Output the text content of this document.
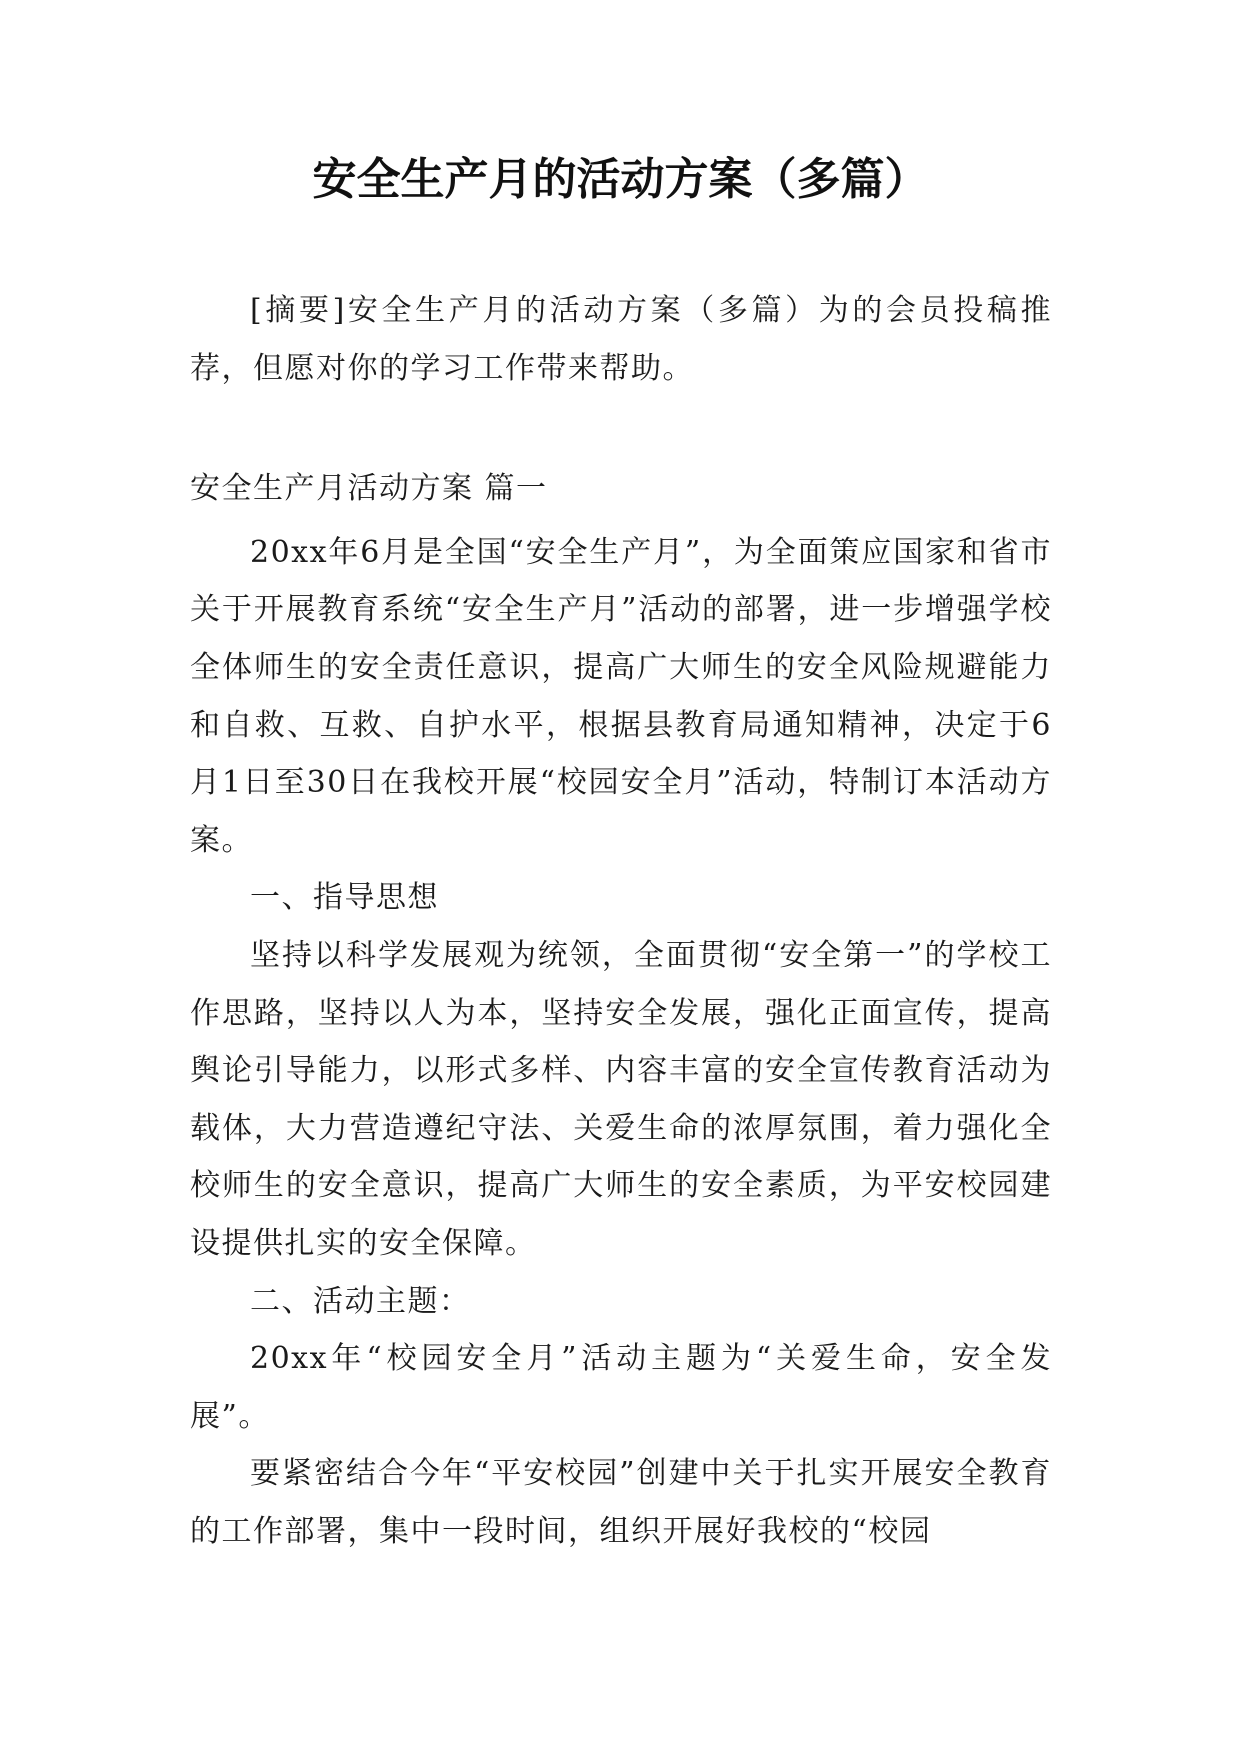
安全生产月的活动方案（多篇）

[摘要]安全生产月的活动方案（多篇）为的会员投稿推荐，但愿对你的学习工作带来帮助。

安全生产月活动方案 篇一

20xx年6月是全国“安全生产月”，为全面策应国家和省市关于开展教育系统“安全生产月”活动的部署，进一步增强学校全体师生的安全责任意识，提高广大师生的安全风险规避能力和自救、互救、自护水平，根据县教育局通知精神，决定于6月1日至30日在我校开展“校园安全月”活动，特制订本活动方案。

一、指导思想

坚持以科学发展观为统领，全面贯彻“安全第一”的学校工作思路，坚持以人为本，坚持安全发展，强化正面宣传，提高舆论引导能力，以形式多样、内容丰富的安全宣传教育活动为载体，大力营造遵纪守法、关爱生命的浓厚氛围，着力强化全校师生的安全意识，提高广大师生的安全素质，为平安校园建设提供扎实的安全保障。

二、活动主题：

20xx年“校园安全月”活动主题为“关爱生命，安全发展”。

要紧密结合今年“平安校园”创建中关于扎实开展安全教育的工作部署，集中一段时间，组织开展好我校的“校园
